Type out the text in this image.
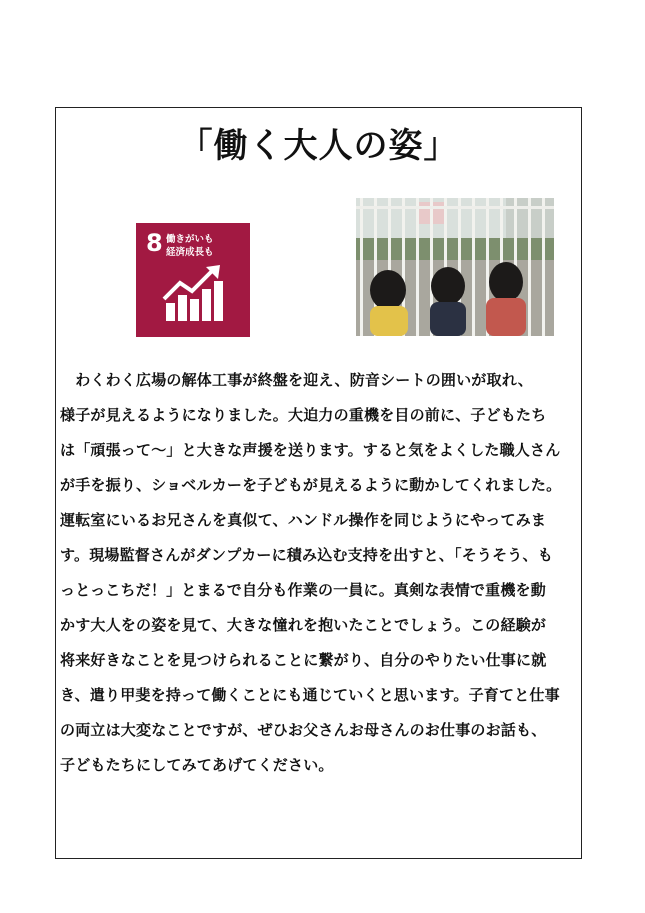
「働く大人の姿」
8 働きがいも
経済成長も

　わくわく広場の解体工事が終盤を迎え、防音シートの囲いが取れ、
様子が見えるようになりました。大迫力の重機を目の前に、子どもたち
は「頑張って～」と大きな声援を送ります。すると気をよくした職人さん
が手を振り、ショベルカーを子どもが見えるように動かしてくれました。
運転室にいるお兄さんを真似て、ハンドル操作を同じようにやってみま
す。現場監督さんがダンプカーに積み込む支持を出すと、「そうそう、も
っとっこちだ！」とまるで自分も作業の一員に。真剣な表情で重機を動
かす大人をの姿を見て、大きな憧れを抱いたことでしょう。この経験が
将来好きなことを見つけられることに繋がり、自分のやりたい仕事に就
き、遣り甲斐を持って働くことにも通じていくと思います。子育てと仕事
の両立は大変なことですが、ぜひお父さんお母さんのお仕事のお話も、
子どもたちにしてみてあげてください。
